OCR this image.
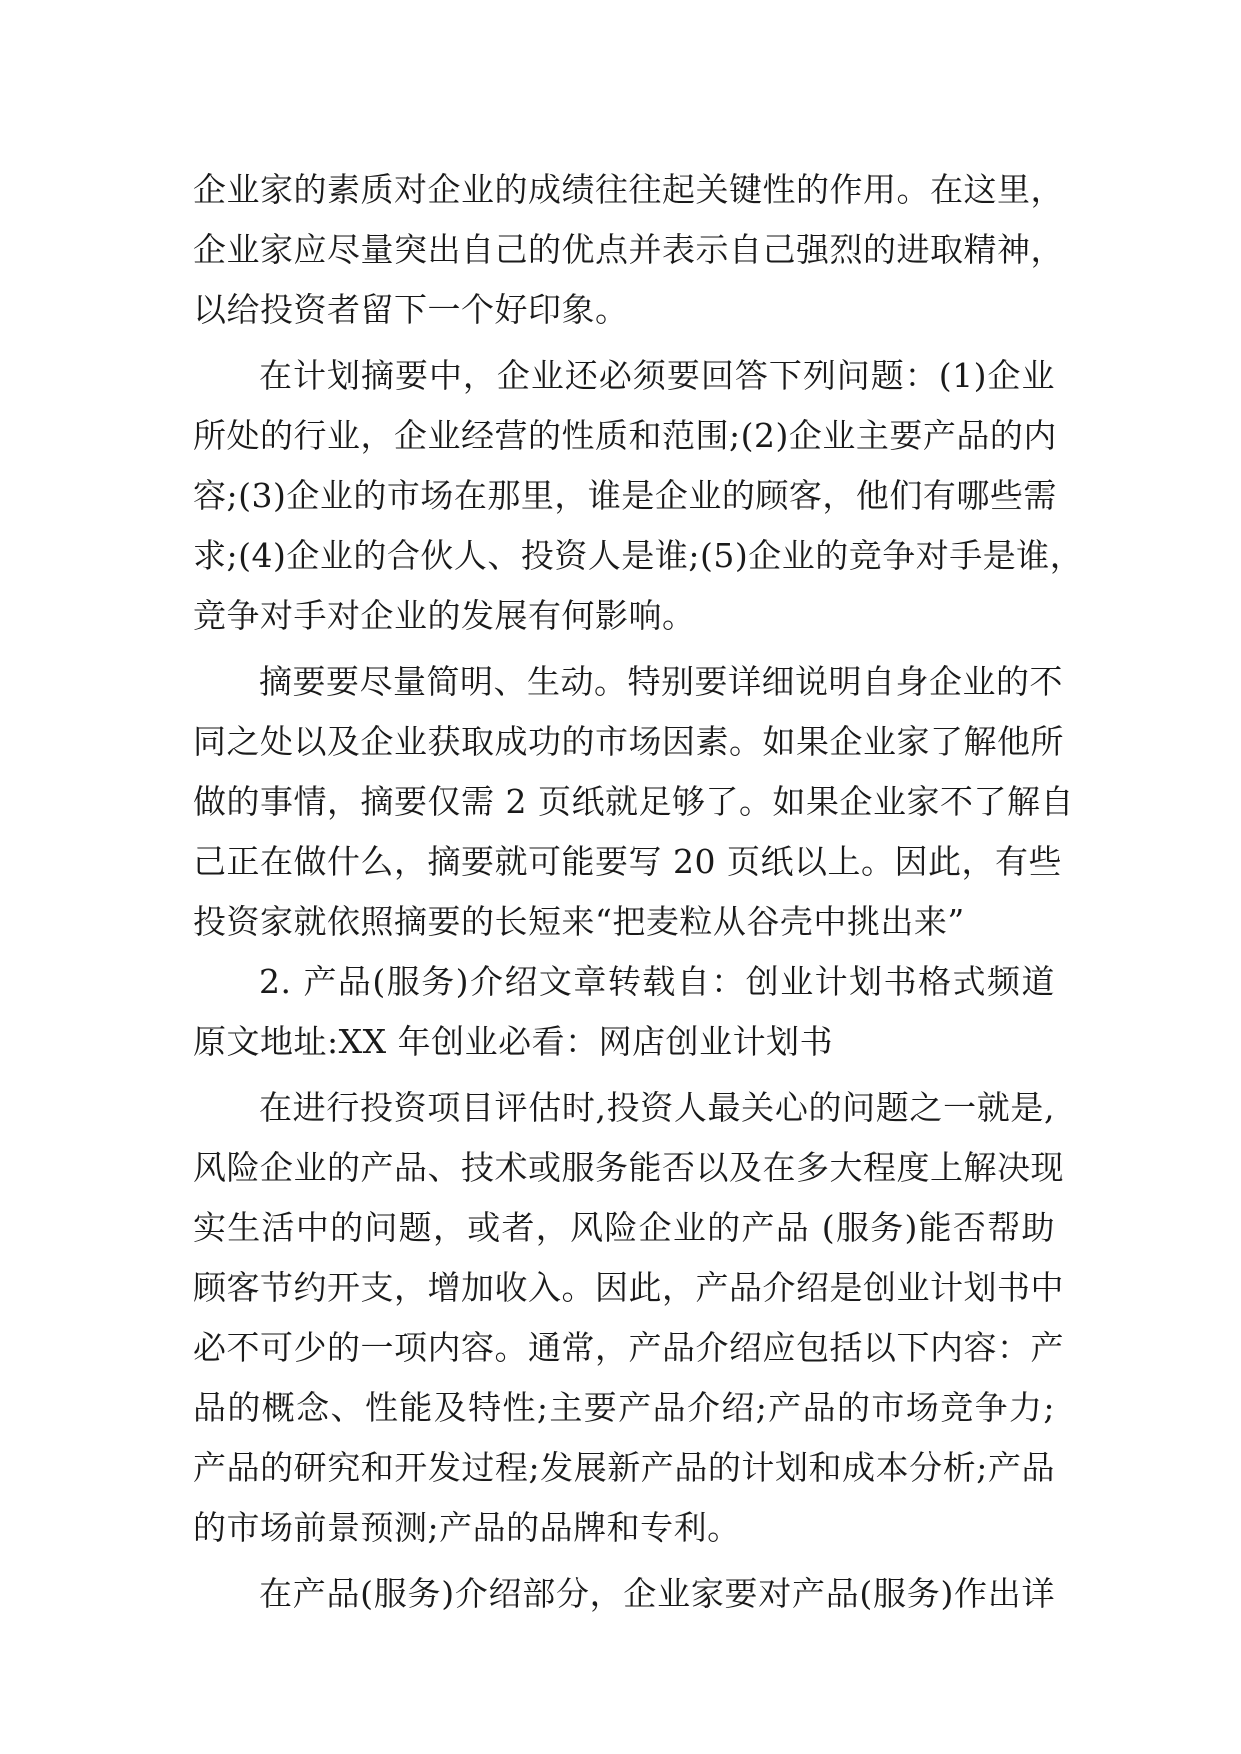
企业家的素质对企业的成绩往往起关键性的作用。在这里，
企业家应尽量突出自己的优点并表示自己强烈的进取精神，
以给投资者留下一个好印象。
在计划摘要中，企业还必须要回答下列问题：(1)企业
所处的行业，企业经营的性质和范围;(2)企业主要产品的内
容;(3)企业的市场在那里，谁是企业的顾客，他们有哪些需
求;(4)企业的合伙人、投资人是谁;(5)企业的竞争对手是谁，
竞争对手对企业的发展有何影响。
摘要要尽量简明、生动。特别要详细说明自身企业的不
同之处以及企业获取成功的市场因素。如果企业家了解他所
做的事情，摘要仅需 2 页纸就足够了。如果企业家不了解自
己正在做什么，摘要就可能要写 20 页纸以上。因此，有些
投资家就依照摘要的长短来“把麦粒从谷壳中挑出来”
2. 产品(服务)介绍文章转载自：创业计划书格式频道
原文地址:XX 年创业必看：网店创业计划书
在进行投资项目评估时,投资人最关心的问题之一就是,
风险企业的产品、技术或服务能否以及在多大程度上解决现
实生活中的问题，或者，风险企业的产品 (服务)能否帮助
顾客节约开支，增加收入。因此，产品介绍是创业计划书中
必不可少的一项内容。通常，产品介绍应包括以下内容：产
品的概念、性能及特性;主要产品介绍;产品的市场竞争力;
产品的研究和开发过程;发展新产品的计划和成本分析;产品
的市场前景预测;产品的品牌和专利。
在产品(服务)介绍部分，企业家要对产品(服务)作出详
